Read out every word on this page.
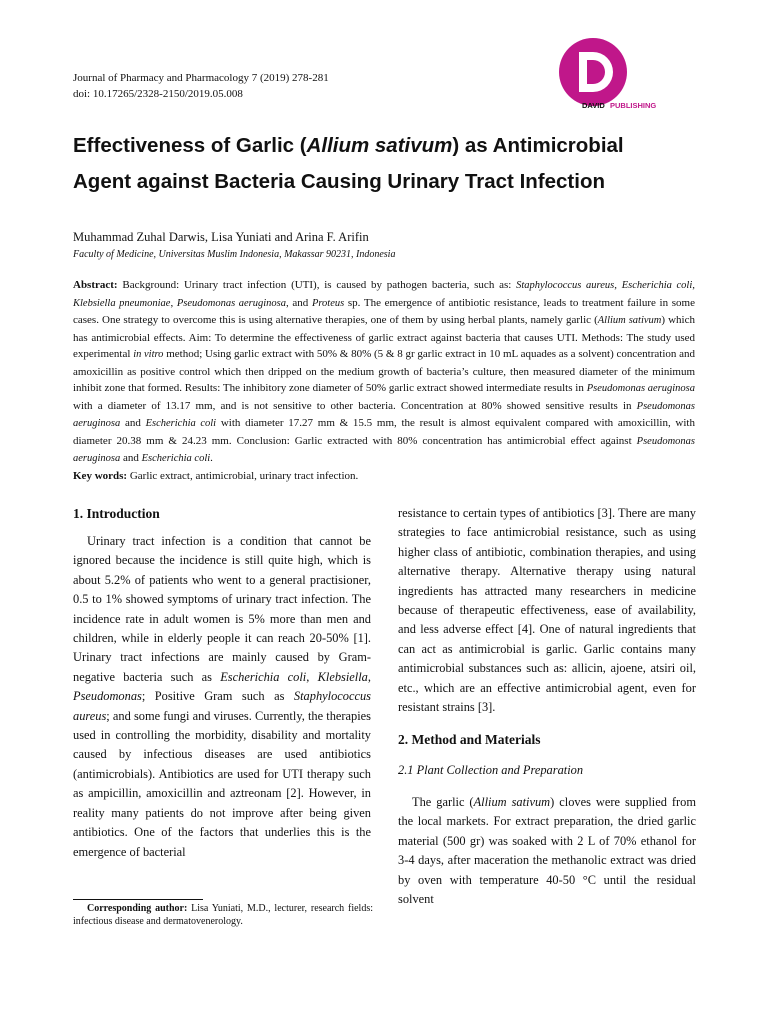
Journal of Pharmacy and Pharmacology 7 (2019) 278-281
doi: 10.17265/2328-2150/2019.05.008
DAVID PUBLISHING
Effectiveness of Garlic (Allium sativum) as Antimicrobial
Agent against Bacteria Causing Urinary Tract Infection
Muhammad Zuhal Darwis, Lisa Yuniati and Arina F. Arifin
Faculty of Medicine, Universitas Muslim Indonesia, Makassar 90231, Indonesia
Abstract: Background: Urinary tract infection (UTI), is caused by pathogen bacteria, such as: Staphylococcus aureus, Escherichia coli, Klebsiella pneumoniae, Pseudomonas aeruginosa, and Proteus sp. The emergence of antibiotic resistance, leads to treatment failure in some cases. One strategy to overcome this is using alternative therapies, one of them by using herbal plants, namely garlic (Allium sativum) which has antimicrobial effects. Aim: To determine the effectiveness of garlic extract against bacteria that causes UTI. Methods: The study used experimental in vitro method; Using garlic extract with 50% & 80% (5 & 8 gr garlic extract in 10 mL aquades as a solvent) concentration and amoxicillin as positive control which then dripped on the medium growth of bacteria’s culture, then measured diameter of the minimum inhibit zone that formed. Results: The inhibitory zone diameter of 50% garlic extract showed intermediate results in Pseudomonas aeruginosa with a diameter of 13.17 mm, and is not sensitive to other bacteria. Concentration at 80% showed sensitive results in Pseudomonas aeruginosa and Escherichia coli with diameter 17.27 mm & 15.5 mm, the result is almost equivalent compared with amoxicillin, with diameter 20.38 mm & 24.23 mm. Conclusion: Garlic extracted with 80% concentration has antimicrobial effect against Pseudomonas aeruginosa and Escherichia coli.
Key words: Garlic extract, antimicrobial, urinary tract infection.
1. Introduction

Urinary tract infection is a condition that cannot be ignored because the incidence is still quite high, which is about 5.2% of patients who went to a general practisioner, 0.5 to 1% showed symptoms of urinary tract infection. The incidence rate in adult women is 5% more than men and children, while in elderly people it can reach 20-50% [1]. Urinary tract infections are mainly caused by Gram-negative bacteria such as Escherichia coli, Klebsiella, Pseudomonas; Positive Gram such as Staphylococcus aureus; and some fungi and viruses. Currently, the therapies used in controlling the morbidity, disability and mortality caused by infectious diseases are used antibiotics (antimicrobials). Antibiotics are used for UTI therapy such as ampicillin, amoxicillin and aztreonam [2]. However, in reality many patients do not improve after being given antibiotics. One of the factors that underlies this is the emergence of bacterial

resistance to certain types of antibiotics [3]. There are many strategies to face antimicrobial resistance, such as using higher class of antibiotic, combination therapies, and using alternative therapy. Alternative therapy using natural ingredients has attracted many researchers in medicine because of therapeutic effectiveness, ease of availability, and less adverse effect [4]. One of natural ingredients that can act as antimicrobial is garlic. Garlic contains many antimicrobial substances such as: allicin, ajoene, atsiri oil, etc., which are an effective antimicrobial agent, even for resistant strains [3].

2. Method and Materials

2.1 Plant Collection and Preparation

The garlic (Allium sativum) cloves were supplied from the local markets. For extract preparation, the dried garlic material (500 gr) was soaked with 2 L of 70% ethanol for 3-4 days, after maceration the methanolic extract was dried by oven with temperature 40-50 °C until the residual solvent

Corresponding author: Lisa Yuniati, M.D., lecturer, research fields: infectious disease and dermatovenerology.
